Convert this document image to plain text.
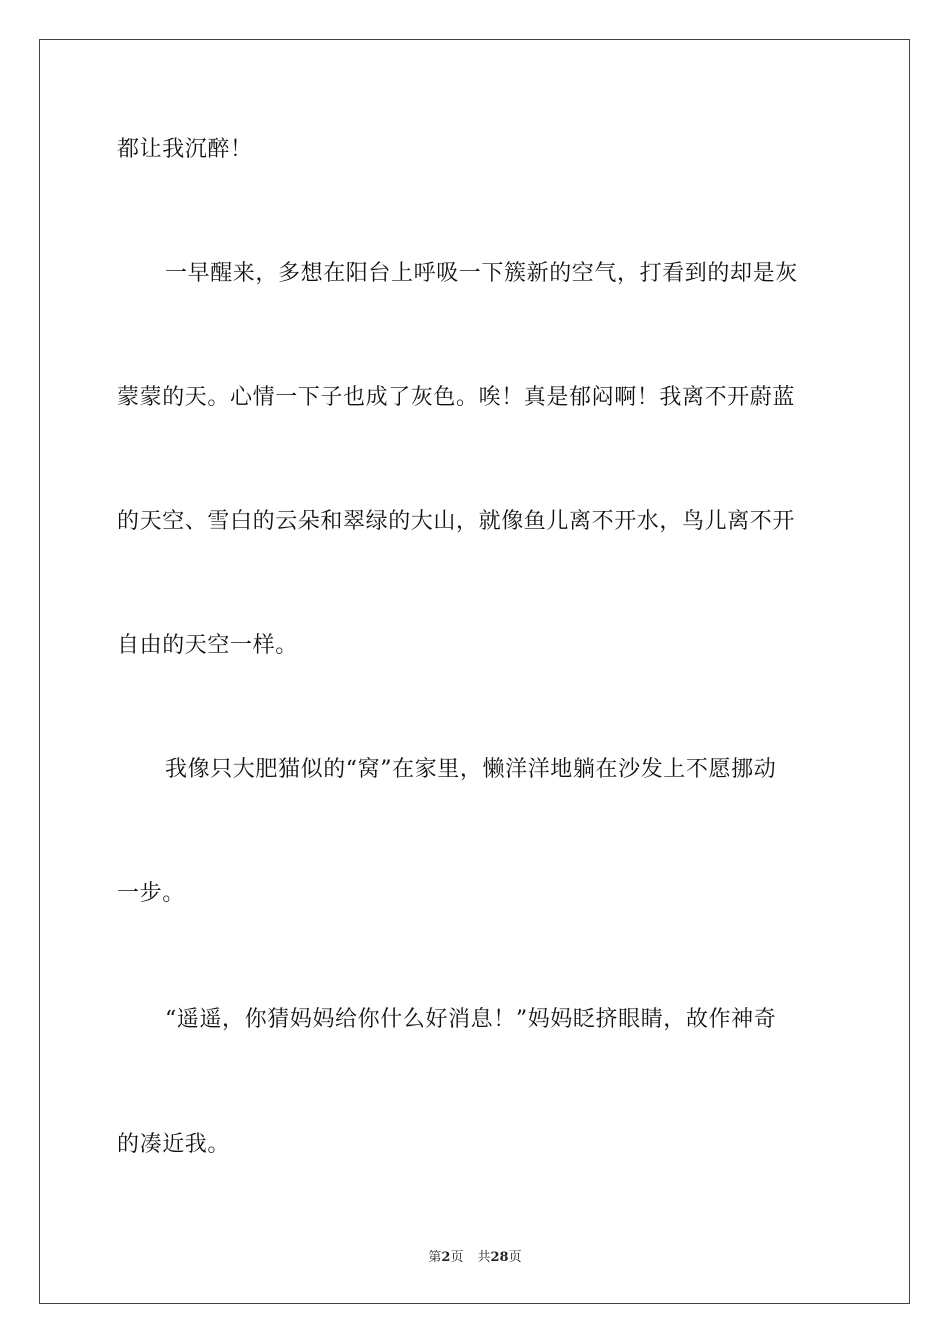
都让我沉醉！
一早醒来，多想在阳台上呼吸一下簇新的空气，打看到的却是灰
蒙蒙的天。心情一下子也成了灰色。唉！真是郁闷啊！我离不开蔚蓝
的天空、雪白的云朵和翠绿的大山，就像鱼儿离不开水，鸟儿离不开
自由的天空一样。
我像只大肥猫似的“窝”在家里，懒洋洋地躺在沙发上不愿挪动
一步。
“遥遥，你猜妈妈给你什么好消息！”妈妈眨挤眼睛，故作神奇
的凑近我。
第2页 共28页
